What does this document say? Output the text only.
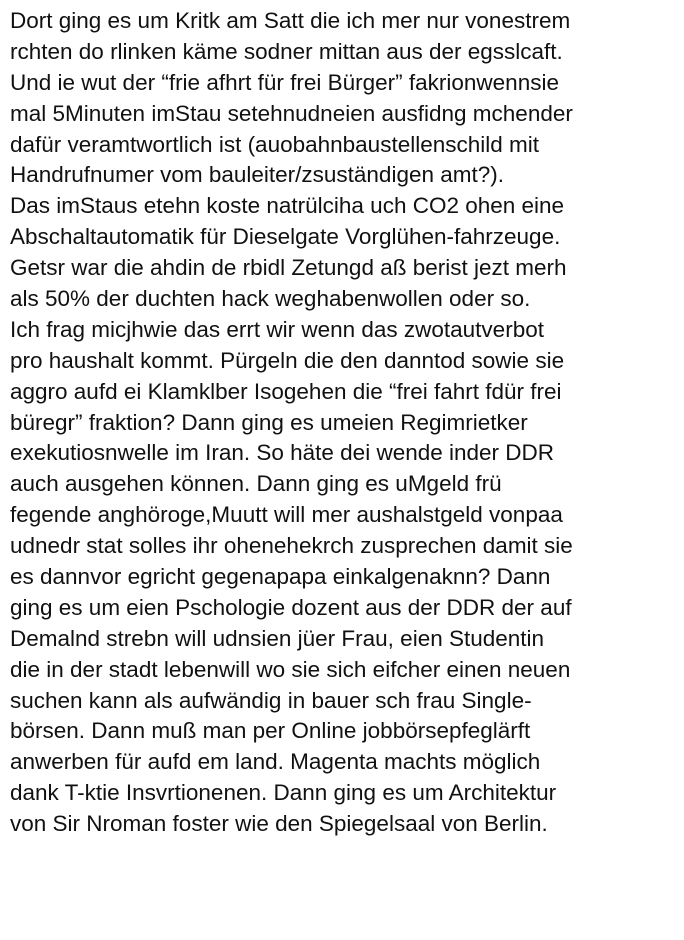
Dort ging es um Kritk am Satt die ich mer nur vonestrem
rchten do rlinken käme sodner mittan aus der egsslcaft.
Und ie wut der “frie afhrt für frei Bürger” fakrionwennsie
mal 5Minuten imStau setehnudneien ausfidng mchender
dafür veramtwortlich ist (auobahnbaustellenschild mit
Handrufnumer vom bauleiter/zsuständigen amt?).
Das imStaus etehn koste natrülciha uch CO2 ohen eine
Abschaltautomatik für Dieselgate Vorglühen-fahrzeuge.
Getsr war die ahdin de rbidl Zetungd aß berist jezt merh
als 50% der duchten hack weghabenwollen oder so.
Ich frag micjhwie das errt wir wenn das zwotautverbot
pro haushalt kommt. Pürgeln die den danntod sowie sie
aggro aufd ei Klamklber Isogehen die “frei fahrt fdür frei
büregr” fraktion? Dann ging es umeien Regimrietker
exekutiosnwelle im Iran. So häte dei wende inder DDR
auch ausgehen können. Dann ging es uMgeld frü
fegende anghöroge,Muutt will mer aushalstgeld vonpaa
udnedr stat solles ihr ohenehekrch zusprechen damit sie
es dannvor egricht gegenapapa einkalgenaknn? Dann
ging es um eien Pschologie dozent aus der DDR der auf
Demalnd strebn will udnsien jüer Frau, eien Studentin
die in der stadt lebenwill wo sie sich eifcher einen neuen
suchen kann als aufwändig in bauer sch frau Single-
börsen. Dann muß man per Online jobbörsepfeglärft
anwerben für aufd em land. Magenta machts möglich
dank T-ktie Insvrtionenen. Dann ging es um Architektur
von Sir Nroman foster wie den Spiegelsaal von Berlin.
